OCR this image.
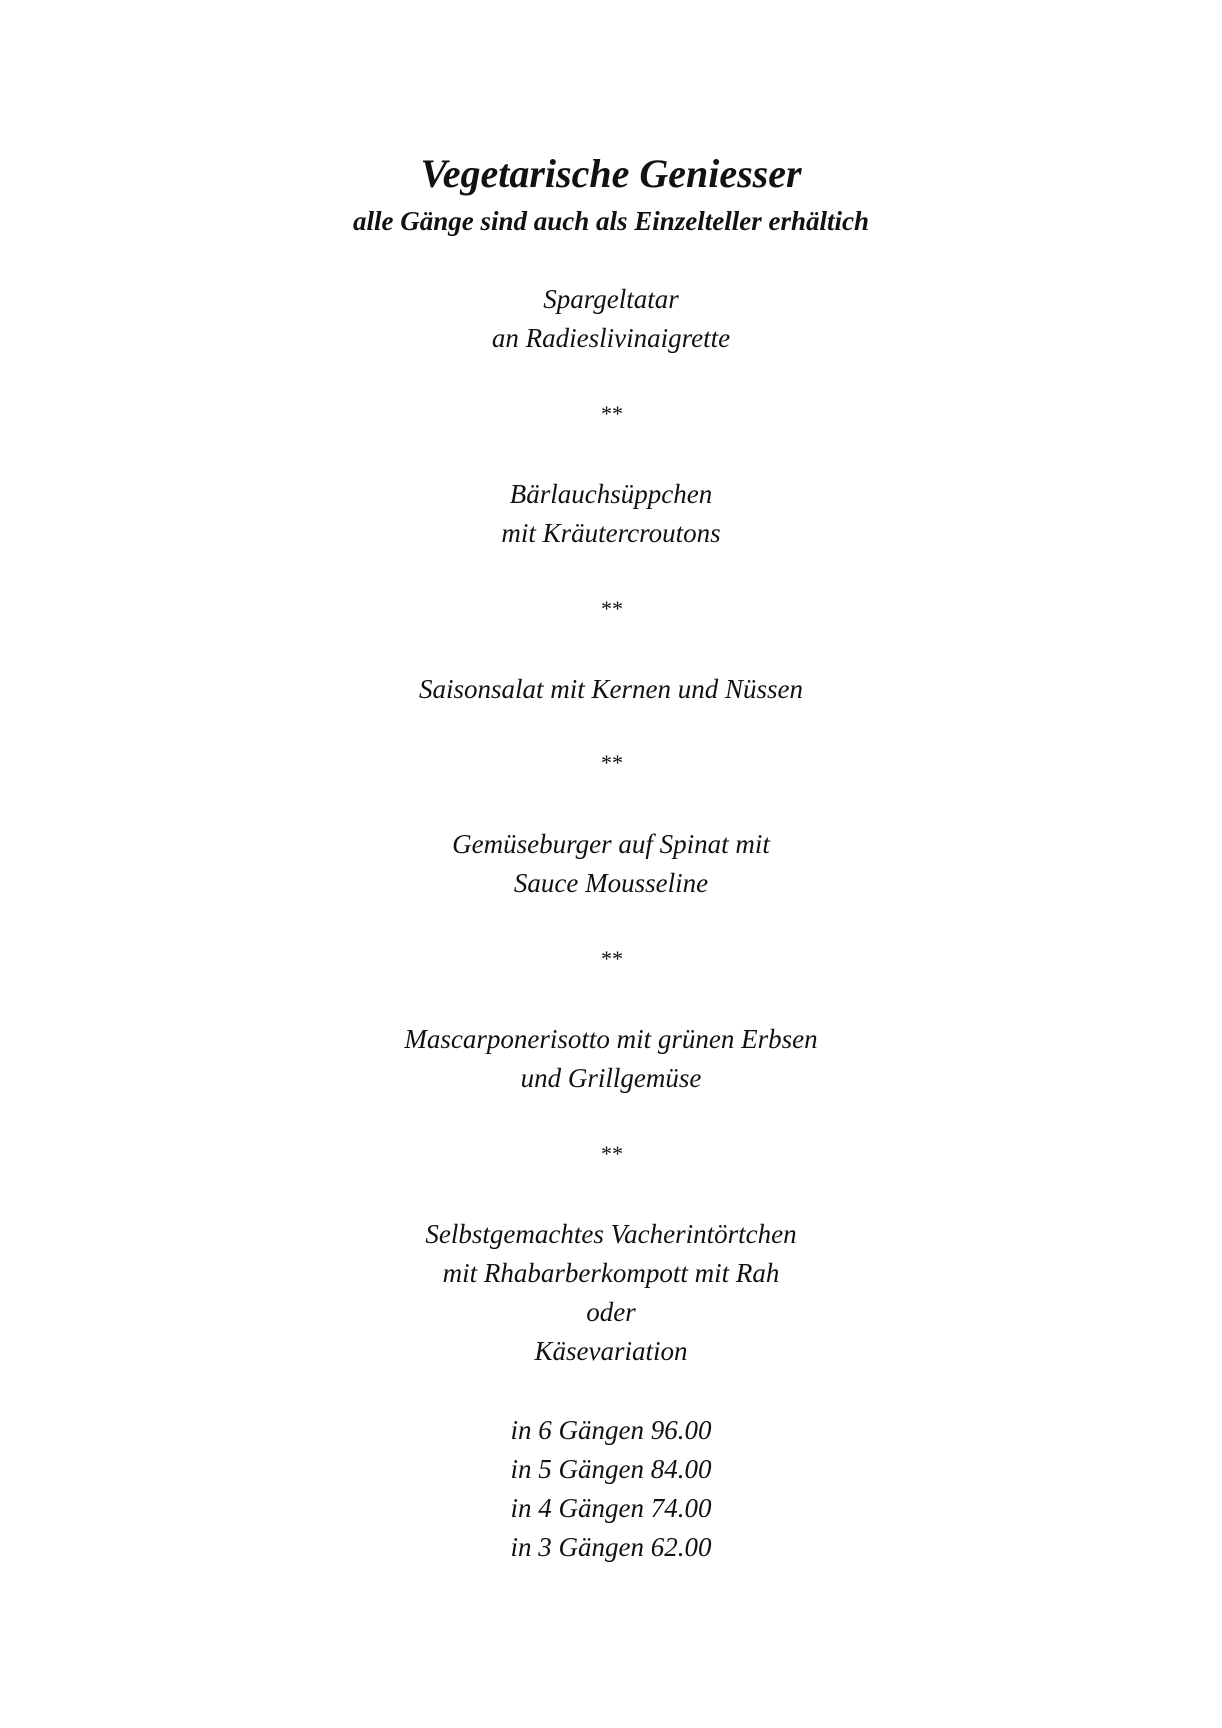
Vegetarische Geniesser
alle Gänge sind auch als Einzelteller erhältich
Spargeltatar
an Radieslivinaigrette
**
Bärlauchsüppchen
mit Kräutercroutons
**
Saisonsalat mit Kernen und Nüssen
**
Gemüseburger auf Spinat mit
Sauce Mousseline
**
Mascarponerisotto mit grünen Erbsen
und Grillgemüse
**
Selbstgemachtes Vacherintörtchen
mit Rhabarberkompott mit Rah
oder
Käsevariation
in 6 Gängen 96.00
in 5 Gängen 84.00
in 4 Gängen 74.00
in 3 Gängen 62.00
